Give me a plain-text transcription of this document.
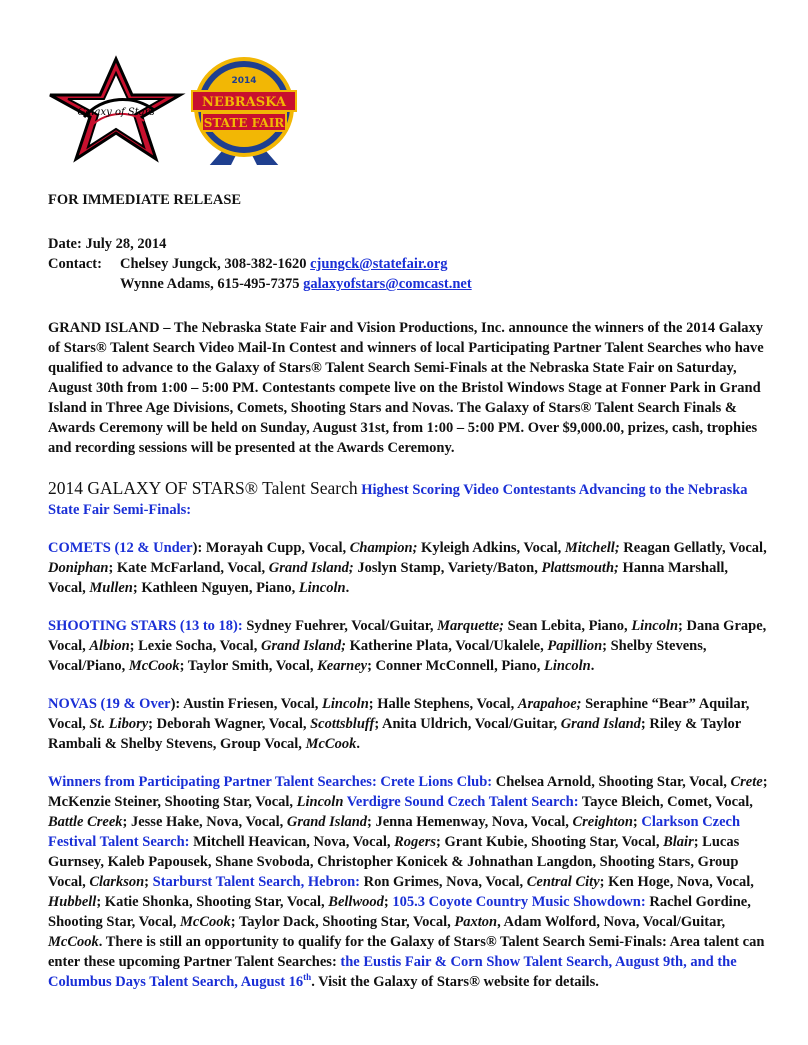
Galaxy of Stars
2014
NEBRASKA
STATE FAIR

FOR IMMEDIATE RELEASE

Date: July 28, 2014

Contact:	Chelsey Jungck, 308-382-1620 cjungck@statefair.org

Wynne Adams, 615-495-7375 galaxyofstars@comcast.net

GRAND ISLAND – The Nebraska State Fair and Vision Productions, Inc. announce the winners of the 2014 Galaxy of Stars® Talent Search Video Mail-In Contest and winners of local Participating Partner Talent Searches who have qualified to advance to the Galaxy of Stars® Talent Search Semi-Finals at the Nebraska State Fair on Saturday, August 30th from 1:00 – 5:00 PM. Contestants compete live on the Bristol Windows Stage at Fonner Park in Grand Island in Three Age Divisions, Comets, Shooting Stars and Novas. The Galaxy of Stars® Talent Search Finals & Awards Ceremony will be held on Sunday, August 31st, from 1:00 – 5:00 PM. Over $9,000.00, prizes, cash, trophies and recording sessions will be presented at the Awards Ceremony.

2014 GALAXY OF STARS® Talent Search Highest Scoring Video Contestants Advancing to the Nebraska State Fair Semi-Finals:

COMETS (12 & Under): Morayah Cupp, Vocal, Champion; Kyleigh Adkins, Vocal, Mitchell; Reagan Gellatly, Vocal, Doniphan; Kate McFarland, Vocal, Grand Island; Joslyn Stamp, Variety/Baton, Plattsmouth; Hanna Marshall, Vocal, Mullen; Kathleen Nguyen, Piano, Lincoln.

SHOOTING STARS (13 to 18): Sydney Fuehrer, Vocal/Guitar, Marquette; Sean Lebita, Piano, Lincoln; Dana Grape, Vocal, Albion; Lexie Socha, Vocal, Grand Island; Katherine Plata, Vocal/Ukalele, Papillion; Shelby Stevens, Vocal/Piano, McCook; Taylor Smith, Vocal, Kearney; Conner McConnell, Piano, Lincoln.

NOVAS (19 & Over): Austin Friesen, Vocal, Lincoln; Halle Stephens, Vocal, Arapahoe; Seraphine “Bear” Aquilar, Vocal, St. Libory; Deborah Wagner, Vocal, Scottsbluff; Anita Uldrich, Vocal/Guitar, Grand Island; Riley & Taylor Rambali & Shelby Stevens, Group Vocal, McCook.

Winners from Participating Partner Talent Searches: Crete Lions Club: Chelsea Arnold, Shooting Star, Vocal, Crete; McKenzie Steiner, Shooting Star, Vocal, Lincoln Verdigre Sound Czech Talent Search: Tayce Bleich, Comet, Vocal, Battle Creek; Jesse Hake, Nova, Vocal, Grand Island; Jenna Hemenway, Nova, Vocal, Creighton; Clarkson Czech Festival Talent Search: Mitchell Heavican, Nova, Vocal, Rogers; Grant Kubie, Shooting Star, Vocal, Blair; Lucas Gurnsey, Kaleb Papousek, Shane Svoboda, Christopher Konicek & Johnathan Langdon, Shooting Stars, Group Vocal, Clarkson; Starburst Talent Search, Hebron: Ron Grimes, Nova, Vocal, Central City; Ken Hoge, Nova, Vocal, Hubbell; Katie Shonka, Shooting Star, Vocal, Bellwood; 105.3 Coyote Country Music Showdown: Rachel Gordine, Shooting Star, Vocal, McCook; Taylor Dack, Shooting Star, Vocal, Paxton, Adam Wolford, Nova, Vocal/Guitar, McCook. There is still an opportunity to qualify for the Galaxy of Stars® Talent Search Semi-Finals: Area talent can enter these upcoming Partner Talent Searches: the Eustis Fair & Corn Show Talent Search, August 9th, and the Columbus Days Talent Search, August 16th. Visit the Galaxy of Stars® website for details.
